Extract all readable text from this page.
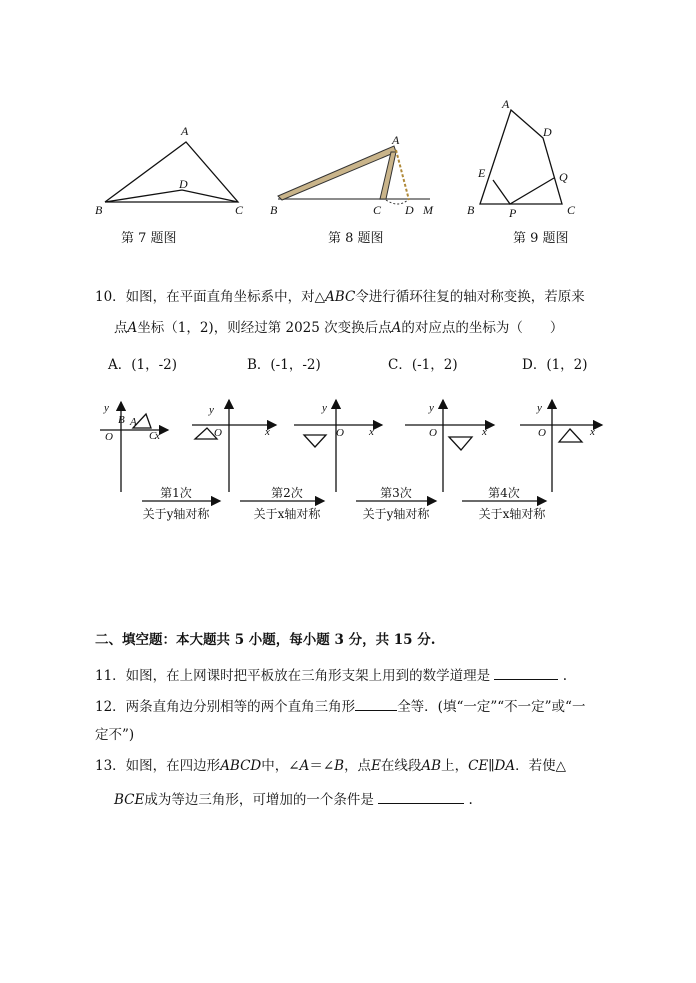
A
B	C
D
第 7 题图
A
B	C D M
第 8 题图
A
D
E	Q
B	P	C
第 9 题图
10．如图，在平面直角坐标系中，对△ABC令进行循环往复的轴对称变换，若原来
点A坐标（1，2)，则经过第 2025 次变换后点A的对应点的坐标为（　　）
A．(1，-2)	B．(-1，-2)	C．(-1，2)	D．(1，2)
y
O	x
A
B
C
y
O	x
y
O x
y
O	x
y
O	x
第1次
关于y轴对称
第2次
关于x轴对称
第3次
关于y轴对称
第4次
关于x轴对称
二、填空题：本大题共 5 小题，每小题 3 分，共 15 分.
11．如图，在上网课时把平板放在三角形支架上用到的数学道理是	.
12．两条直角边分别相等的两个直角三角形	全等．(填“一定”“不一定”或“一
定不”)
13．如图，在四边形ABCD中，∠A＝∠B，点E在线段AB上，CE∥DA．若使△
BCE成为等边三角形，可增加的一个条件是	.
